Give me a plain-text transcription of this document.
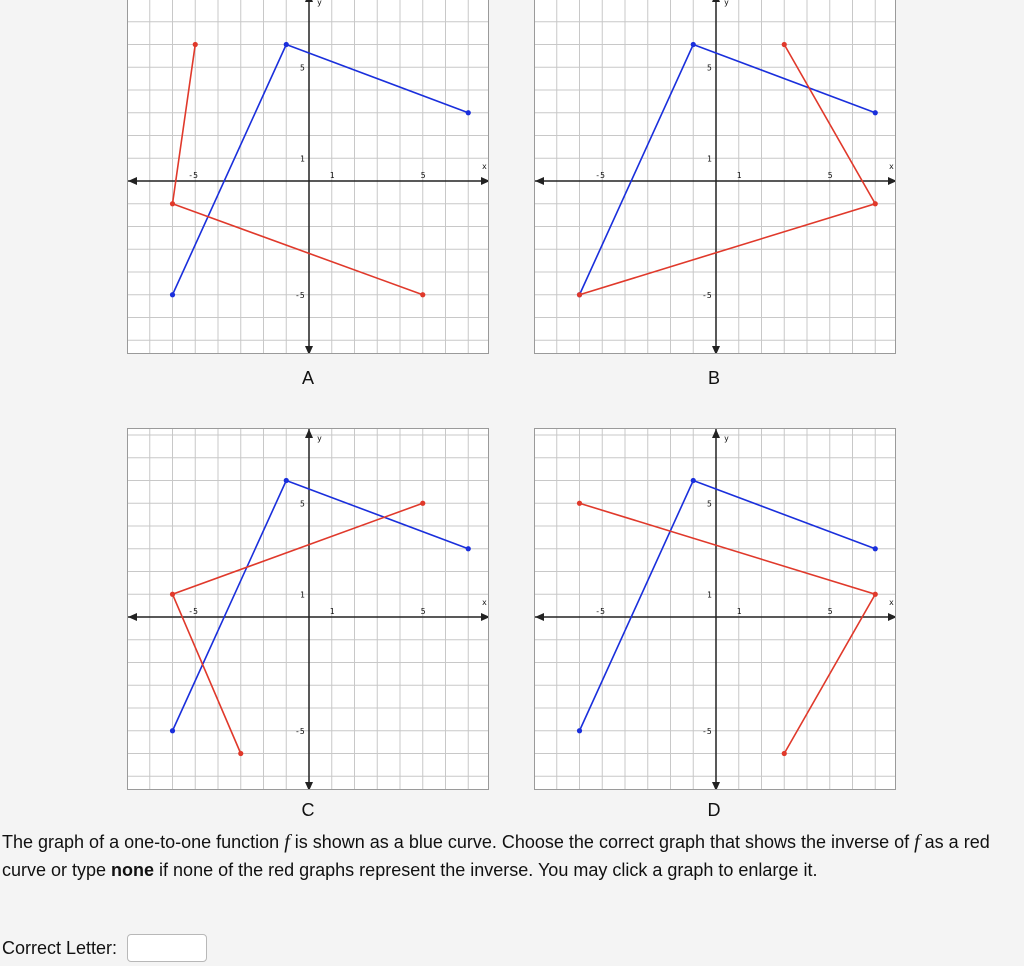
x
y
-5	1	5
5
1
-5
A
x
y
-5	1	5
5
1
-5
B
x
y
-5	1	5
5
1
-5
C
x
y
-5	1	5
5
1
-5
D
The graph of a one-to-one function f is shown as a blue curve. Choose the correct graph that shows the inverse of f as a red curve or type none if none of the red graphs represent the inverse. You may click a graph to enlarge it.
Correct Letter:
